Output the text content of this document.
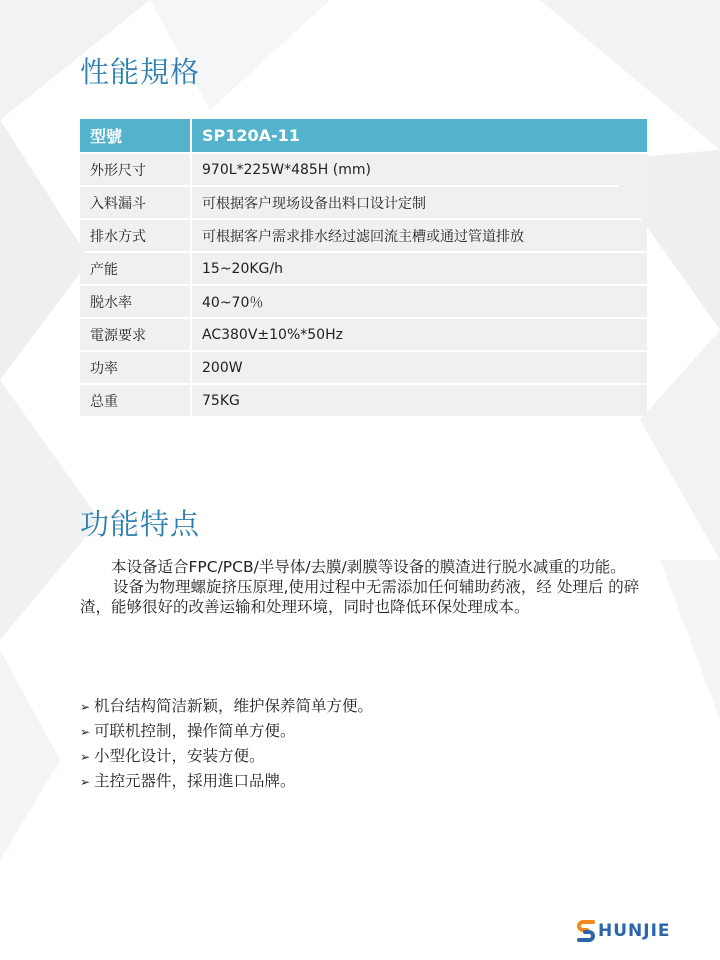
性能規格
型號	SP120A-11
外形尺寸	970L*225W*485H (mm)
入料漏斗	可根据客户现场设备出料口设计定制
排水方式	可根据客户需求排水经过滤回流主槽或通过管道排放
产能	15~20KG/h
脱水率	40~70％
電源要求	AC380V±10%*50Hz
功率	200W
总重	75KG
功能特点

本设备适合FPC/PCB/半导体/去膜/剥膜等设备的膜渣进行脱水减重的功能。

设备为物理螺旋挤压原理,使用过程中无需添加任何辅助药液，经 处理后 的碎渣，能够很好的改善运输和处理环境，同时也降低环保处理成本。

➢ 机台结构简洁新颖，维护保养简单方便。
➢ 可联机控制，操作简单方便。
➢ 小型化设计，安装方便。
➢ 主控元器件，採用進口品牌。
HUNJIE
